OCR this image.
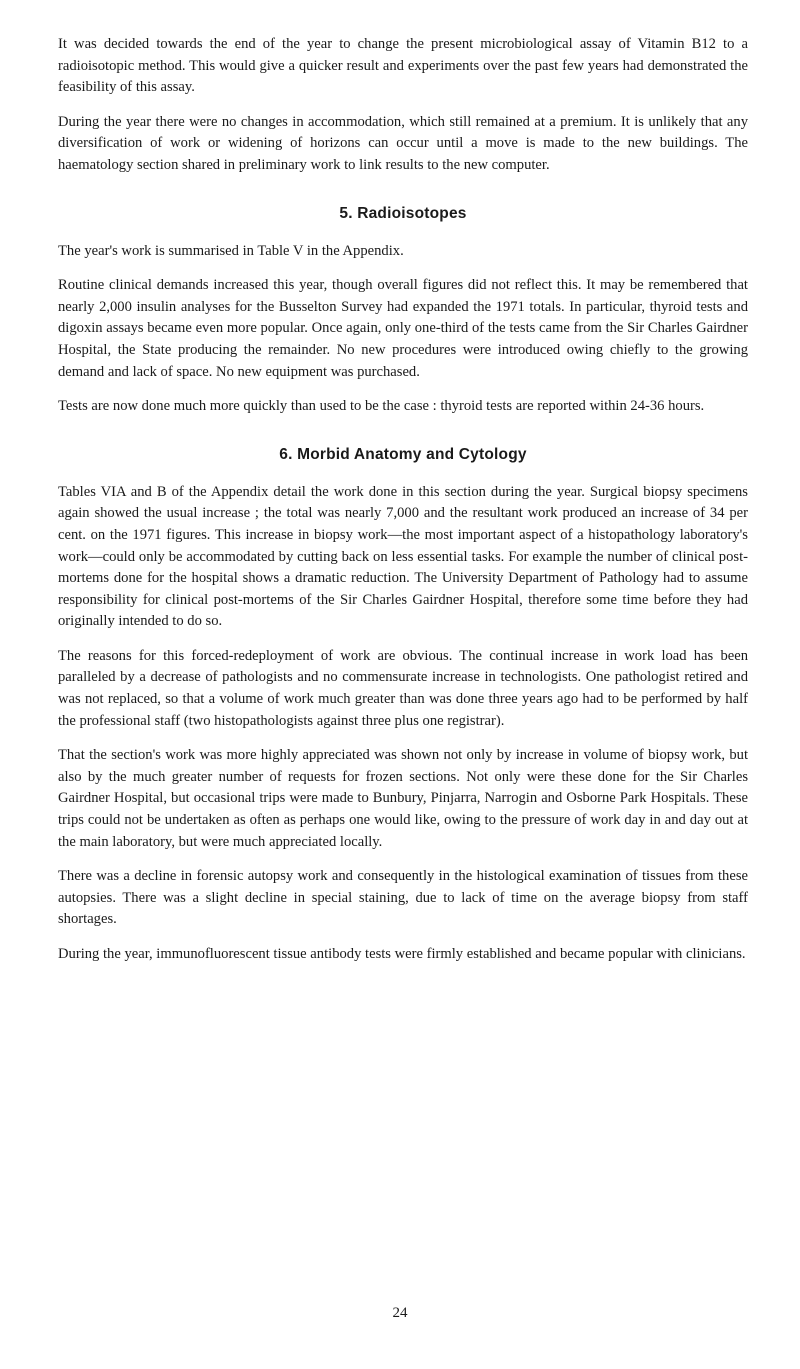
It was decided towards the end of the year to change the present microbiological assay of Vitamin B12 to a radioisotopic method. This would give a quicker result and experiments over the past few years had demonstrated the feasibility of this assay.

During the year there were no changes in accommodation, which still remained at a premium. It is unlikely that any diversification of work or widening of horizons can occur until a move is made to the new buildings. The haematology section shared in preliminary work to link results to the new computer.

5. Radioisotopes

The year's work is summarised in Table V in the Appendix.

Routine clinical demands increased this year, though overall figures did not reflect this. It may be remembered that nearly 2,000 insulin analyses for the Busselton Survey had expanded the 1971 totals. In particular, thyroid tests and digoxin assays became even more popular. Once again, only one-third of the tests came from the Sir Charles Gairdner Hospital, the State producing the remainder. No new procedures were introduced owing chiefly to the growing demand and lack of space. No new equipment was purchased.

Tests are now done much more quickly than used to be the case : thyroid tests are reported within 24-36 hours.

6. Morbid Anatomy and Cytology

Tables VIA and B of the Appendix detail the work done in this section during the year. Surgical biopsy specimens again showed the usual increase ; the total was nearly 7,000 and the resultant work produced an increase of 34 per cent. on the 1971 figures. This increase in biopsy work—the most important aspect of a histopathology laboratory's work—could only be accommodated by cutting back on less essential tasks. For example the number of clinical post-mortems done for the hospital shows a dramatic reduction. The University Department of Pathology had to assume responsibility for clinical post-mortems of the Sir Charles Gairdner Hospital, therefore some time before they had originally intended to do so.

The reasons for this forced-redeployment of work are obvious. The continual increase in work load has been paralleled by a decrease of pathologists and no commensurate increase in technologists. One pathologist retired and was not replaced, so that a volume of work much greater than was done three years ago had to be performed by half the professional staff (two histopathologists against three plus one registrar).

That the section's work was more highly appreciated was shown not only by increase in volume of biopsy work, but also by the much greater number of requests for frozen sections. Not only were these done for the Sir Charles Gairdner Hospital, but occasional trips were made to Bunbury, Pinjarra, Narrogin and Osborne Park Hospitals. These trips could not be undertaken as often as perhaps one would like, owing to the pressure of work day in and day out at the main laboratory, but were much appreciated locally.

There was a decline in forensic autopsy work and consequently in the histological examination of tissues from these autopsies. There was a slight decline in special staining, due to lack of time on the average biopsy from staff shortages.

During the year, immunofluorescent tissue antibody tests were firmly established and became popular with clinicians.

24
